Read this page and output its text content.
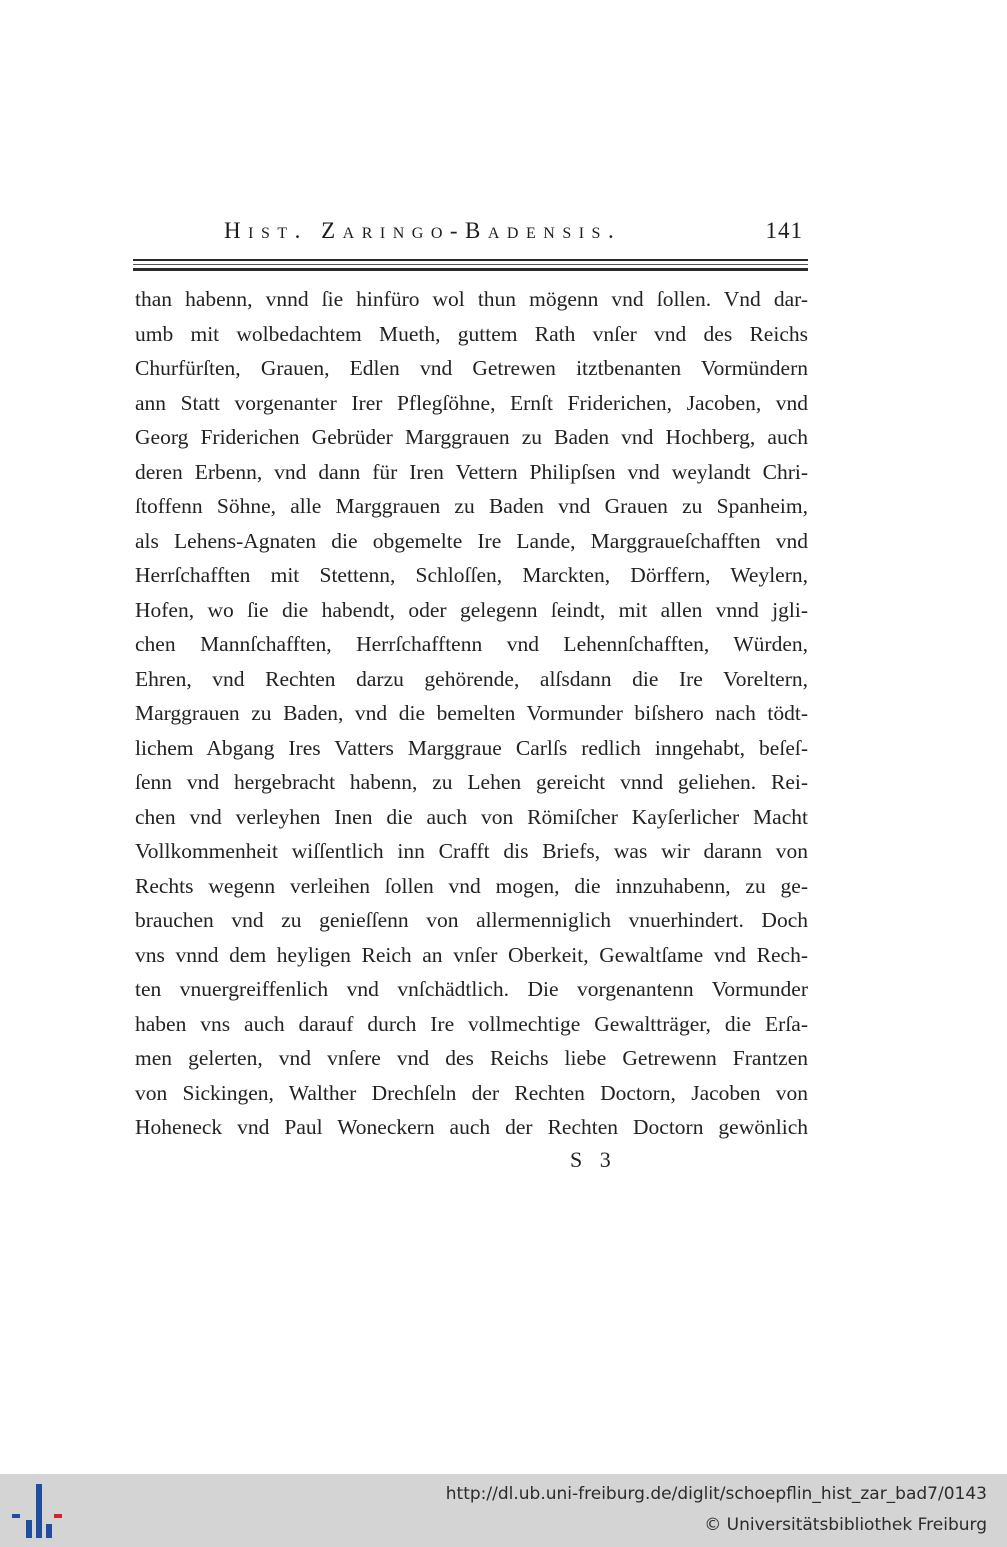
Hist. Zaringo-Badensis.	141
than habenn, vnnd ſie hinfüro wol thun mögenn vnd ſollen. Vnd dar-
umb mit wolbedachtem Mueth, guttem Rath vnſer vnd des Reichs
Churfürſten, Grauen, Edlen vnd Getrewen itztbenanten Vormündern
ann Statt vorgenanter Irer Pflegſöhne, Ernſt Friderichen, Jacoben, vnd
Georg Friderichen Gebrüder Marggrauen zu Baden vnd Hochberg, auch
deren Erbenn, vnd dann für Iren Vettern Philipſsen vnd weylandt Chri-
ſtoffenn Söhne, alle Marggrauen zu Baden vnd Grauen zu Spanheim,
als Lehens-Agnaten die obgemelte Ire Lande, Marggraueſchafften vnd
Herrſchafften mit Stettenn, Schloſſen, Marckten, Dörffern, Weylern,
Hofen, wo ſie die habendt, oder gelegenn ſeindt, mit allen vnnd jgli-
chen Mannſchafften, Herrſchafftenn vnd Lehennſchafften, Würden,
Ehren, vnd Rechten darzu gehörende, alſsdann die Ire Voreltern,
Marggrauen zu Baden, vnd die bemelten Vormunder biſshero nach tödt-
lichem Abgang Ires Vatters Marggraue Carlſs redlich inngehabt, beſeſ-
ſenn vnd hergebracht habenn, zu Lehen gereicht vnnd geliehen. Rei-
chen vnd verleyhen Inen die auch von Römiſcher Kayſerlicher Macht
Vollkommenheit wiſſentlich inn Crafft dis Briefs, was wir darann von
Rechts wegenn verleihen ſollen vnd mogen, die innzuhabenn, zu ge-
brauchen vnd zu genieſſenn von allermenniglich vnuerhindert. Doch
vns vnnd dem heyligen Reich an vnſer Oberkeit, Gewaltſame vnd Rech-
ten vnuergreiffenlich vnd vnſchädtlich. Die vorgenantenn Vormunder
haben vns auch darauf durch Ire vollmechtige Gewaltträger, die Erſa-
men gelerten, vnd vnſere vnd des Reichs liebe Getrewenn Frantzen
von Sickingen, Walther Drechſeln der Rechten Doctorn, Jacoben von
Hoheneck vnd Paul Woneckern auch der Rechten Doctorn gewönlich
S 3
http://dl.ub.uni-freiburg.de/diglit/schoepflin_hist_zar_bad7/0143
© Universitätsbibliothek Freiburg
